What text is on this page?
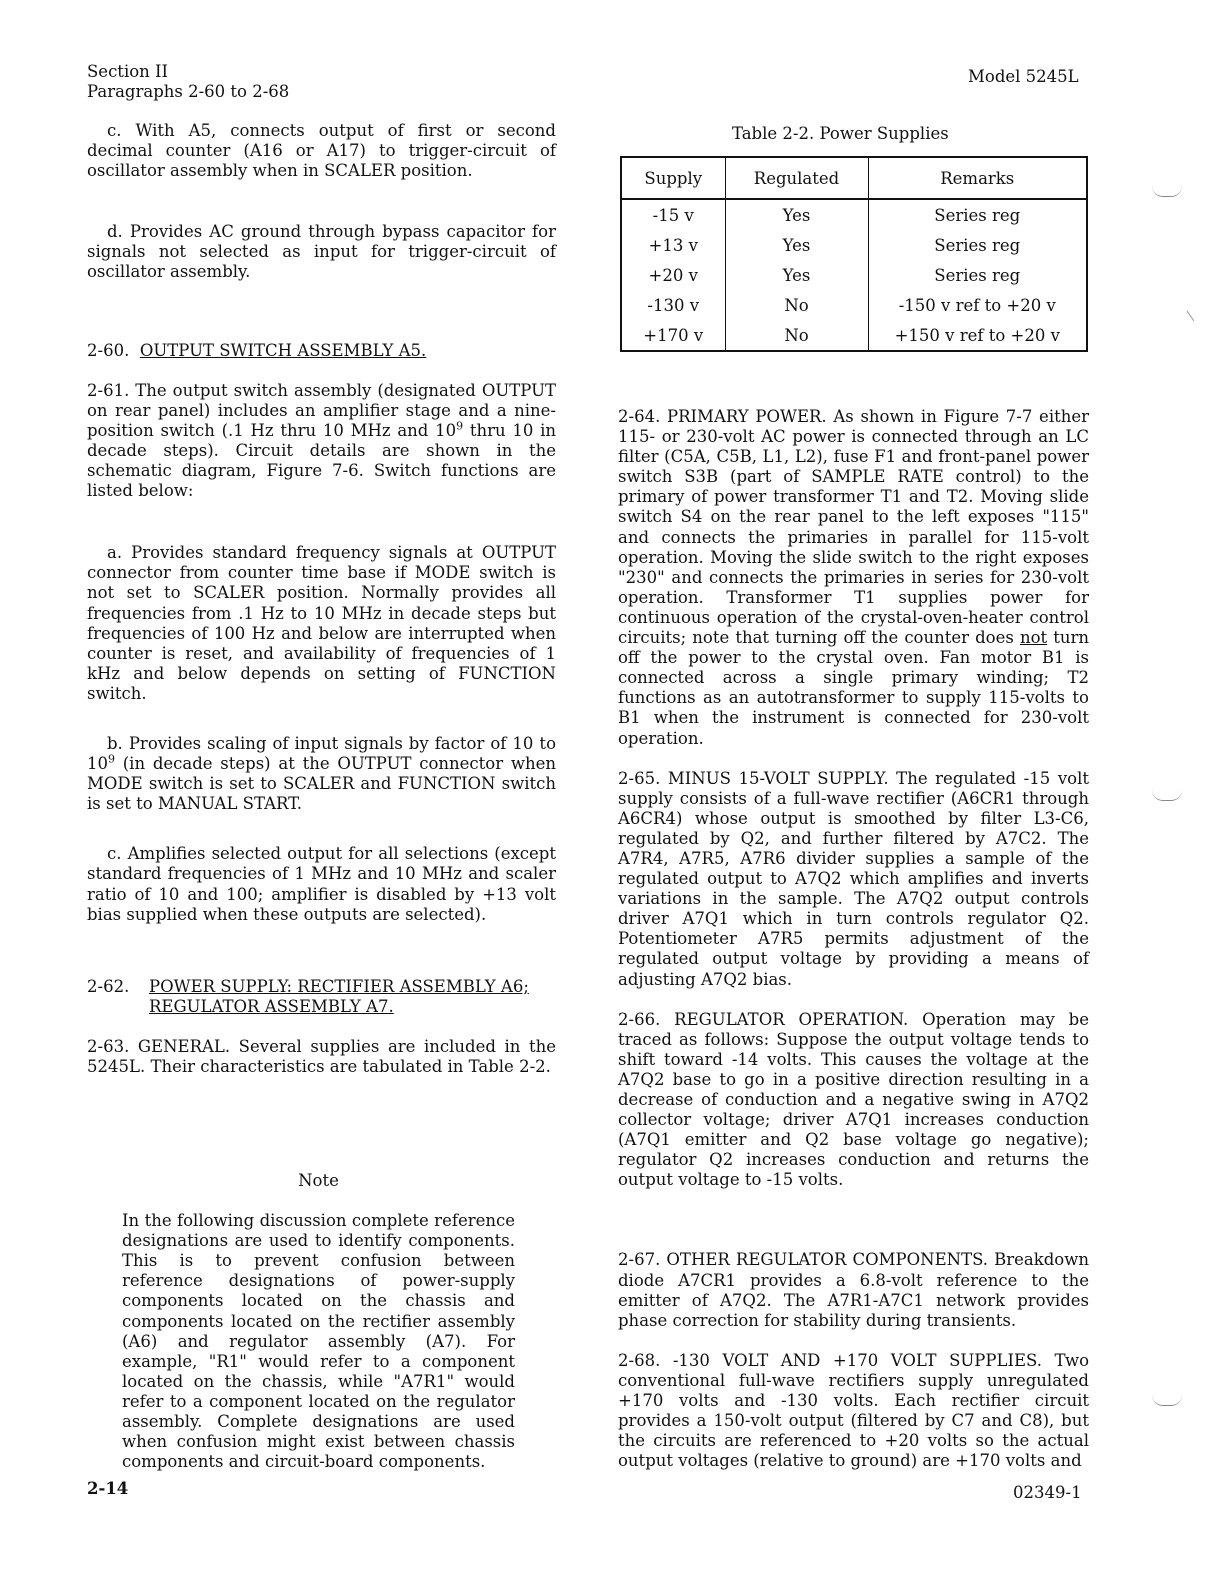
Section II
Paragraphs 2-60 to 2-68
Model 5245L

c. With A5, connects output of first or second decimal counter (A16 or A17) to trigger-circuit of oscillator assembly when in SCALER position.

d. Provides AC ground through bypass capacitor for signals not selected as input for trigger-circuit of oscillator assembly.

2-60. OUTPUT SWITCH ASSEMBLY A5.

2-61. The output switch assembly (designated OUTPUT on rear panel) includes an amplifier stage and a nine-position switch (.1 Hz thru 10 MHz and $10^9$ thru 10 in decade steps). Circuit details are shown in the schematic diagram, Figure 7-6. Switch functions are listed below:

a. Provides standard frequency signals at OUTPUT connector from counter time base if MODE switch is not set to SCALER position. Normally provides all frequencies from .1 Hz to 10 MHz in decade steps but frequencies of 100 Hz and below are interrupted when counter is reset, and availability of frequencies of 1 kHz and below depends on setting of FUNCTION switch.

b. Provides scaling of input signals by factor of 10 to $10^9$ (in decade steps) at the OUTPUT connector when MODE switch is set to SCALER and FUNCTION switch is set to MANUAL START.

c. Amplifies selected output for all selections (except standard frequencies of 1 MHz and 10 MHz and scaler ratio of 10 and 100; amplifier is disabled by +13 volt bias supplied when these outputs are selected).

2-62.	POWER SUPPLY: RECTIFIER ASSEMBLY A6;
REGULATOR ASSEMBLY A7.

2-63. GENERAL. Several supplies are included in the 5245L. Their characteristics are tabulated in Table 2-2.

Note

In the following discussion complete reference designations are used to identify components. This is to prevent confusion between reference designations of power-supply components located on the chassis and components located on the rectifier assembly (A6) and regulator assembly (A7). For example, "R1" would refer to a component located on the chassis, while "A7R1" would refer to a component located on the regulator assembly. Complete designations are used when confusion might exist between chassis components and circuit-board components.

Table 2-2. Power Supplies
Supply	Regulated	Remarks
-15 v	Yes	Series reg
+13 v	Yes	Series reg
+20 v	Yes	Series reg
-130 v	No	-150 v ref to +20 v
+170 v	No	+150 v ref to +20 v

2-64. PRIMARY POWER. As shown in Figure 7-7 either 115- or 230-volt AC power is connected through an LC filter (C5A, C5B, L1, L2), fuse F1 and front-panel power switch S3B (part of SAMPLE RATE control) to the primary of power transformer T1 and T2. Moving slide switch S4 on the rear panel to the left exposes "115" and connects the primaries in parallel for 115-volt operation. Moving the slide switch to the right exposes "230" and connects the primaries in series for 230-volt operation. Transformer T1 supplies power for continuous operation of the crystal-oven-heater control circuits; note that turning off the counter does not turn off the power to the crystal oven. Fan motor B1 is connected across a single primary winding; T2 functions as an autotransformer to supply 115-volts to B1 when the instrument is connected for 230-volt operation.

2-65. MINUS 15-VOLT SUPPLY. The regulated -15 volt supply consists of a full-wave rectifier (A6CR1 through A6CR4) whose output is smoothed by filter L3-C6, regulated by Q2, and further filtered by A7C2. The A7R4, A7R5, A7R6 divider supplies a sample of the regulated output to A7Q2 which amplifies and inverts variations in the sample. The A7Q2 output controls driver A7Q1 which in turn controls regulator Q2. Potentiometer A7R5 permits adjustment of the regulated output voltage by providing a means of adjusting A7Q2 bias.

2-66. REGULATOR OPERATION. Operation may be traced as follows: Suppose the output voltage tends to shift toward -14 volts. This causes the voltage at the A7Q2 base to go in a positive direction resulting in a decrease of conduction and a negative swing in A7Q2 collector voltage; driver A7Q1 increases conduction (A7Q1 emitter and Q2 base voltage go negative); regulator Q2 increases conduction and returns the output voltage to -15 volts.

2-67. OTHER REGULATOR COMPONENTS. Breakdown diode A7CR1 provides a 6.8-volt reference to the emitter of A7Q2. The A7R1-A7C1 network provides phase correction for stability during transients.

2-68. -130 VOLT AND +170 VOLT SUPPLIES. Two conventional full-wave rectifiers supply unregulated +170 volts and -130 volts. Each rectifier circuit provides a 150-volt output (filtered by C7 and C8), but the circuits are referenced to +20 volts so the actual output voltages (relative to ground) are +170 volts and

2-14	02349-1
